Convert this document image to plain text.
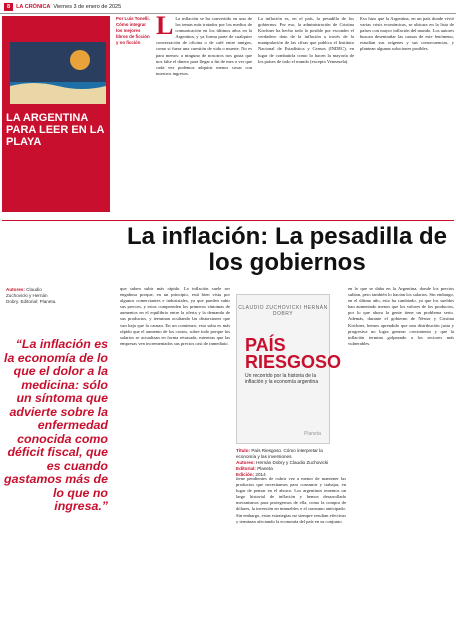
8	LA CRÓNICA Viernes 3 de enero de 2025
LA ARGENTINA PARA LEER EN LA PLAYA
Por Luis Tonelli. Cómo integrar los mejores libros de ficción y no ficción
L La inflación se ha convertido en uno de los temas más tratados por los medios de comunicación en los últimos años en la Argentina, y ya forma parte de cualquier conversación de oficina o de café entre amigos, como si fuera una cuestión de vida o muerte. No es para menos: a ninguno de nosotros nos gusta que nos falte el dinero para llegar a fin de mes o ver que cada vez podemos adquirir menos cosas con nuestros ingresos.

La inflación es, en el país, la pesadilla de los gobiernos. Por eso, la administración de Cristina Kirchner ha hecho todo lo posible por esconder el verdadero dato de la inflación a través de la manipulación de las cifras que publica el Instituto Nacional de Estadística y Censos (INDEC), en lugar de combatirla como lo hacen la mayoría de los países de todo el mundo (excepto Venezuela).

Eso hizo que la Argentina, en un país donde vivió varias crisis económicas, se ubicara en la lista de países con mayor inflación del mundo. Los autores buscan desentrañar las causas de este fenómeno, estudian sus orígenes y sus consecuencias, y plantean algunas soluciones posibles.

La inflación: La pesadilla de los gobiernos
Autores: Claudio Zuchovicki y Hernán Dobry. Editorial: Planeta.
“La inflación es la economía de lo que el dolor a la medicina: sólo un síntoma que advierte sobre la enfermedad conocida como déficit fiscal, que es cuando gastamos más de lo que no ingresa.”

que suben subir más rápido. La inflación suele ser engañosa porque, en un principio, está bien vista por algunos comerciantes e industriales, ya que pueden subir sus precios, y estos comprenden los primeros síntomas de aumentos en el equilibrio entre la oferta y la demanda de sus productos, y terminan ocultando las distorsiones que van baja que la causan. En un comienzo, esta suba es más rápido que el aumento de los costos, sobre todo porque los salarios se actualizan en forma retrasada, mientras que las empresas ven incrementados sus precios casi de inmediato.

CLAUDIO ZUCHOVICKI HERNÁN DOBRY
PAÍS RIESGOSO
Un recorrido por la historia de la inflación y la economía argentina
Planeta
Título: País Riesgoso. Cómo interpretar la economía y las inversiones.
Autores: Hernán Dobry y Claudio Zuchovicki
Editorial: Planeta
Edición: 2014

tiene pendientes de cubrir vez a menor de mantener las productos que necesitamos para consumir y trabajar, en lugar de pensar en el ahorro. Los argentinos tenemos un largo historial de inflación y hemos desarrollado mecanismos para protegernos de ella, como la compra de dólares, la inversión en inmuebles o el consumo anticipado. Sin embargo, estas estrategias no siempre resultan efectivas y terminan afectando la economía del país en su conjunto.

en lo que se daba en la Argentina, donde los precios subían, pero también lo hacían los salarios. Sin embargo, en el último año, esto ha cambiado, ya que los sueldos han aumentado menos que los valores de los productos, por lo que ahora la gente tiene un problema serio. Además, durante el gobierno de Néstor y Cristina Kirchner, hemos aprendido que una distribución justa y progresiva no logra generar crecimiento y que la inflación termina golpeando a los sectores más vulnerables.
